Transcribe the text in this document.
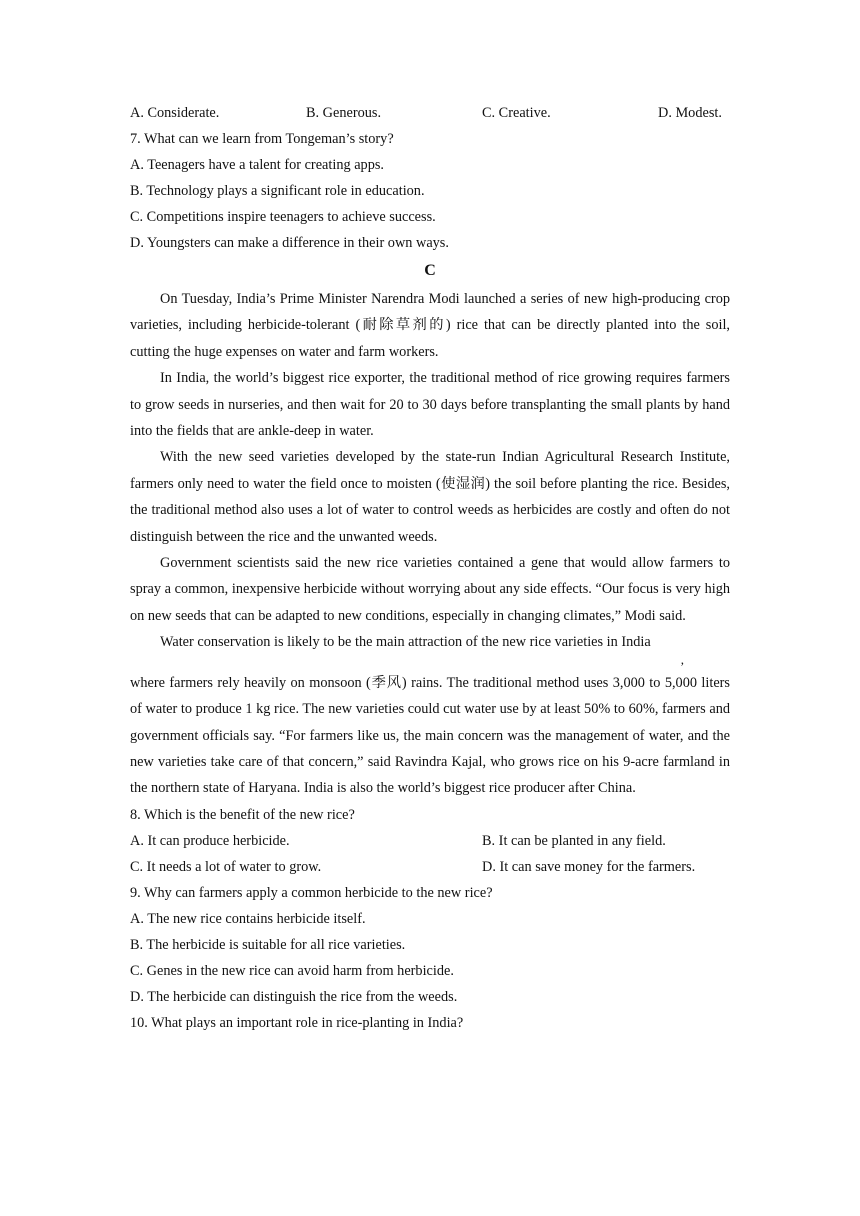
A. Considerate.	B. Generous.	C. Creative.	D. Modest.
7. What can we learn from Tongeman’s story?
A. Teenagers have a talent for creating apps.
B. Technology plays a significant role in education.
C. Competitions inspire teenagers to achieve success.
D. Youngsters can make a difference in their own ways.
C

On Tuesday, India’s Prime Minister Narendra Modi launched a series of new high-producing crop varieties, including herbicide-tolerant (耐除草剂的) rice that can be directly planted into the soil, cutting the huge expenses on water and farm workers.

In India, the world’s biggest rice exporter, the traditional method of rice growing requires farmers to grow seeds in nurseries, and then wait for 20 to 30 days before transplanting the small plants by hand into the fields that are ankle-deep in water.

With the new seed varieties developed by the state-run Indian Agricultural Research Institute, farmers only need to water the field once to moisten (使湿润) the soil before planting the rice. Besides, the traditional method also uses a lot of water to control weeds as herbicides are costly and often do not distinguish between the rice and the unwanted weeds.

Government scientists said the new rice varieties contained a gene that would allow farmers to spray a common, inexpensive herbicide without worrying about any side effects. “Our focus is very high on new seeds that can be adapted to new conditions, especially in changing climates,” Modi said.

Water conservation is likely to be the main attraction of the new rice varieties in India

,

where farmers rely heavily on monsoon (季风) rains. The traditional method uses 3,000 to 5,000 liters of water to produce 1 kg rice. The new varieties could cut water use by at least 50% to 60%, farmers and government officials say. “For farmers like us, the main concern was the management of water, and the new varieties take care of that concern,” said Ravindra Kajal, who grows rice on his 9-acre farmland in the northern state of Haryana. India is also the world’s biggest rice producer after China.

8. Which is the benefit of the new rice?
A. It can produce herbicide.	B. It can be planted in any field.
C. It needs a lot of water to grow.	D. It can save money for the farmers.
9. Why can farmers apply a common herbicide to the new rice?
A. The new rice contains herbicide itself.
B. The herbicide is suitable for all rice varieties.
C. Genes in the new rice can avoid harm from herbicide.
D. The herbicide can distinguish the rice from the weeds.
10. What plays an important role in rice-planting in India?
